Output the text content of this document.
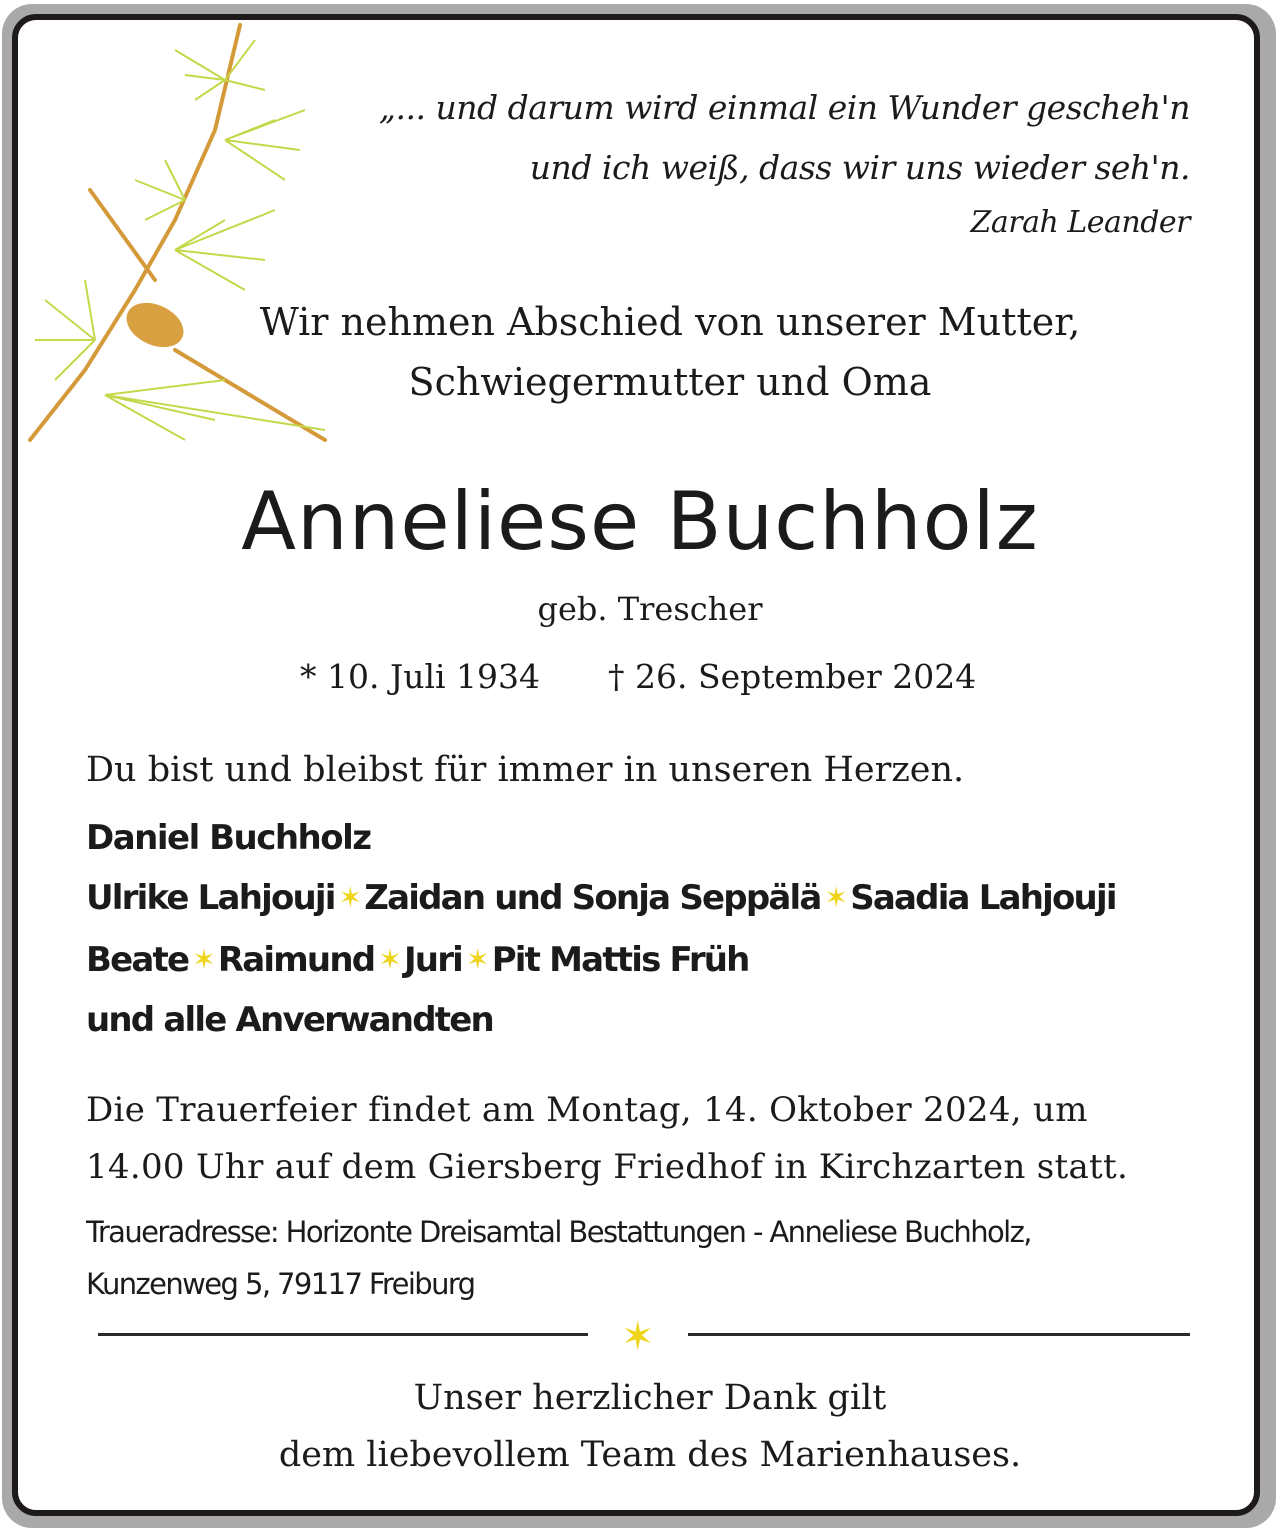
„... und darum wird einmal ein Wunder gescheh'n
und ich weiß, dass wir uns wieder seh'n.
Zarah Leander
Wir nehmen Abschied von unserer Mutter,
Schwiegermutter und Oma
Anneliese Buchholz
geb. Trescher
* 10. Juli 1934 † 26. September 2024
Du bist und bleibst für immer in unseren Herzen.
Daniel Buchholz
Ulrike Lahjouji ✶ Zaidan und Sonja Seppälä ✶ Saadia Lahjouji
Beate ✶ Raimund ✶ Juri ✶ Pit Mattis Früh
und alle Anverwandten
Die Trauerfeier findet am Montag, 14. Oktober 2024, um
14.00 Uhr auf dem Giersberg Friedhof in Kirchzarten statt.
Traueradresse: Horizonte Dreisamtal Bestattungen - Anneliese Buchholz,
Kunzenweg 5, 79117 Freiburg
✶
Unser herzlicher Dank gilt
dem liebevollem Team des Marienhauses.
